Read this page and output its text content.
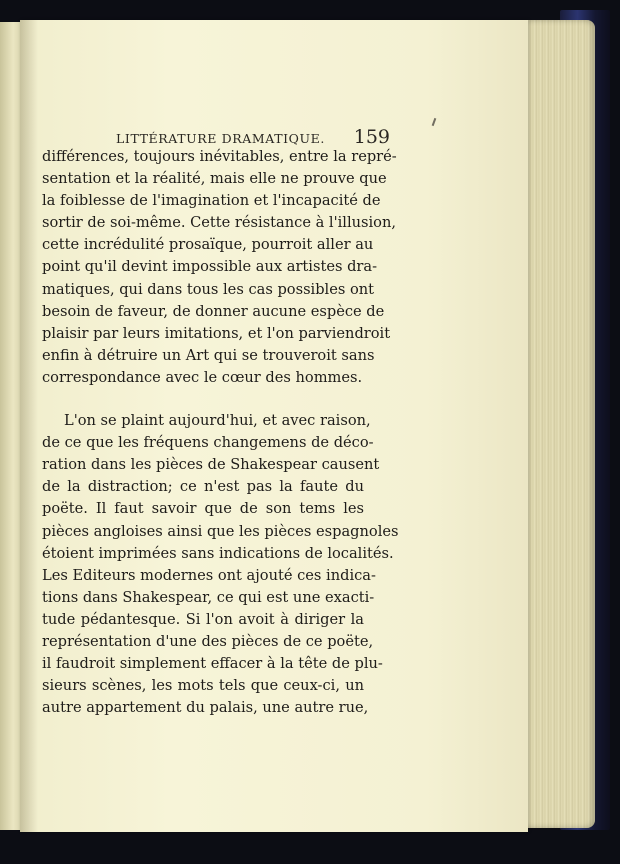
LITTÉRATURE DRAMATIQUE.	159
différences, toujours inévitables, entre la repré-
sentation et la réalité, mais elle ne prouve que
la foiblesse de l'imagination et l'incapacité de
sortir de soi-même. Cette résistance à l'illusion,
cette incrédulité prosaïque, pourroit aller au
point qu'il devint impossible aux artistes dra-
matiques, qui dans tous les cas possibles ont
besoin de faveur, de donner aucune espèce de
plaisir par leurs imitations, et l'on parviendroit
enfin à détruire un Art qui se trouveroit sans
correspondance avec le cœur des hommes.
L'on se plaint aujourd'hui, et avec raison,
de ce que les fréquens changemens de déco-
ration dans les pièces de Shakespear causent
de la distraction; ce n'est pas la faute du
poëte. Il faut savoir que de son tems les
pièces angloises ainsi que les pièces espagnoles
étoient imprimées sans indications de localités.
Les Editeurs modernes ont ajouté ces indica-
tions dans Shakespear, ce qui est une exacti-
tude pédantesque. Si l'on avoit à diriger la
représentation d'une des pièces de ce poëte,
il faudroit simplement effacer à la tête de plu-
sieurs scènes, les mots tels que ceux-ci, un
autre appartement du palais, une autre rue,
